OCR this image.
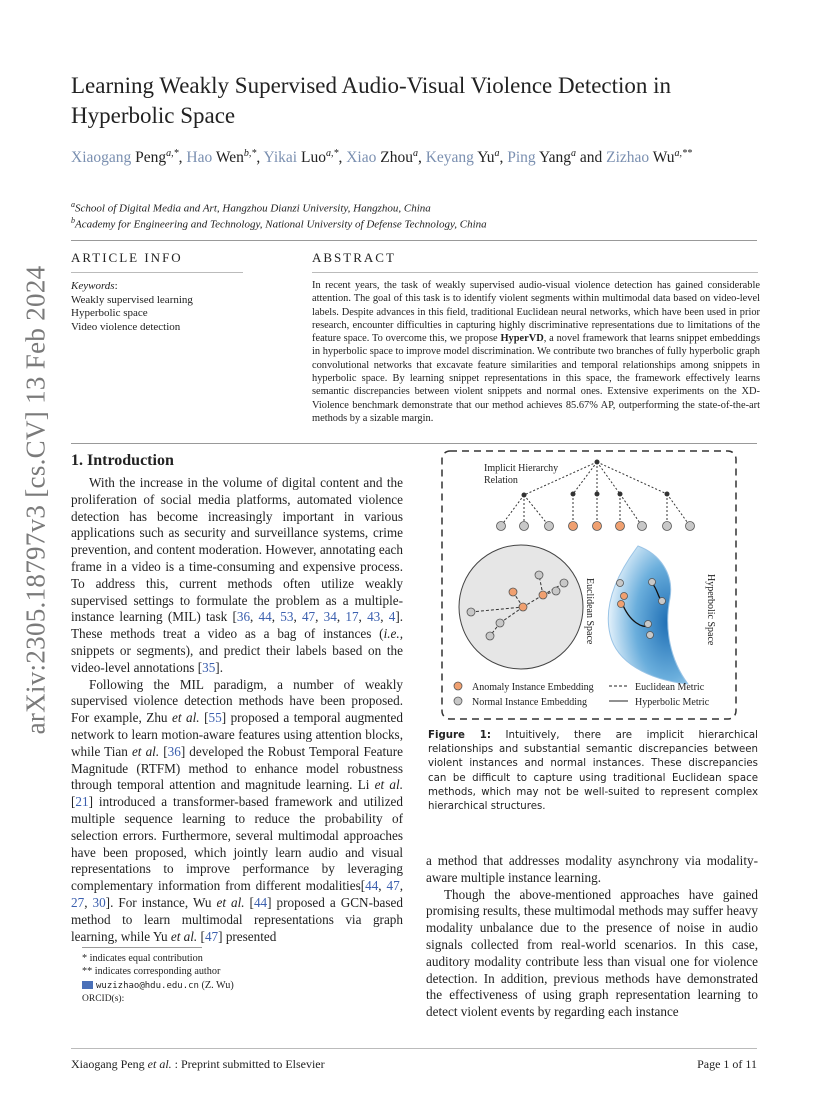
arXiv:2305.18797v3 [cs.CV] 13 Feb 2024
Learning Weakly Supervised Audio-Visual Violence Detection in Hyperbolic Space
Xiaogang Peng$^{a,*}$, Hao Wen$^{b,*}$, Yikai Luo$^{a,*}$, Xiao Zhou$^a$, Keyang Yu$^a$, Ping Yang$^a$ and Zizhao $Wu^{a,**}$
$^a$School of Digital Media and Art, Hangzhou Dianzi University, Hangzhou, China
$^b$Academy for Engineering and Technology, National University of Defense Technology, China
ARTICLE INFO
Keywords:
Weakly supervised learning
Hyperbolic space
Video violence detection
ABSTRACT
In recent years, the task of weakly supervised audio-visual violence detection has gained considerable attention. The goal of this task is to identify violent segments within multimodal data based on video-level labels. Despite advances in this field, traditional Euclidean neural networks, which have been used in prior research, encounter difficulties in capturing highly discriminative representations due to limitations of the feature space. To overcome this, we propose HyperVD, a novel framework that learns snippet embeddings in hyperbolic space to improve model discrimination. We contribute two branches of fully hyperbolic graph convolutional networks that excavate feature similarities and temporal relationships among snippets in hyperbolic space. By learning snippet representations in this space, the framework effectively learns semantic discrepancies between violent snippets and normal ones. Extensive experiments on the XD-Violence benchmark demonstrate that our method achieves 85.67% AP, outperforming the state-of-the-art methods by a sizable margin.
1. Introduction

With the increase in the volume of digital content and the proliferation of social media platforms, automated violence detection has become increasingly important in various applications such as security and surveillance systems, crime prevention, and content moderation. However, annotating each frame in a video is a time-consuming and expensive process. To address this, current methods often utilize weakly supervised settings to formulate the problem as a multiple-instance learning (MIL) task [36, 44, 53, 47, 34, 17, 43, 4]. These methods treat a video as a bag of instances (i.e., snippets or segments), and predict their labels based on the video-level annotations [35].

Following the MIL paradigm, a number of weakly supervised violence detection methods have been proposed. For example, Zhu et al. [55] proposed a temporal augmented network to learn motion-aware features using attention blocks, while Tian et al. [36] developed the Robust Temporal Feature Magnitude (RTFM) method to enhance model robustness through temporal attention and magnitude learning. Li et al. [21] introduced a transformer-based framework and utilized multiple sequence learning to reduce the probability of selection errors. Furthermore, several multimodal approaches have been proposed, which jointly learn audio and visual representations to improve performance by leveraging complementary information from different modalities[44, 47, 27, 30]. For instance, Wu et al. [44] proposed a GCN-based method to learn multimodal representations via graph learning, while Yu et al. [47] presented

* indicates equal contribution
** indicates corresponding author
wuzizhao@hdu.edu.cn (Z. Wu)
ORCID(s):
Implicit Hierarchy
Relation
Euclidean Space	Hyperbolic Space
Anomaly Instance Embedding
Normal Instance Embedding
Euclidean Metric
Hyperbolic Metric
Figure 1: Intuitively, there are implicit hierarchical relationships and substantial semantic discrepancies between violent instances and normal instances. These discrepancies can be difficult to capture using traditional Euclidean space methods, which may not be well-suited to represent complex hierarchical structures.

a method that addresses modality asynchrony via modality-aware multiple instance learning.

Though the above-mentioned approaches have gained promising results, these multimodal methods may suffer heavy modality unbalance due to the presence of noise in audio signals collected from real-world scenarios. In this case, auditory modality contribute less than visual one for violence detection. In addition, previous methods have demonstrated the effectiveness of using graph representation learning to detect violent events by regarding each instance

Xiaogang Peng et al. : Preprint submitted to Elsevier	Page 1 of 11
